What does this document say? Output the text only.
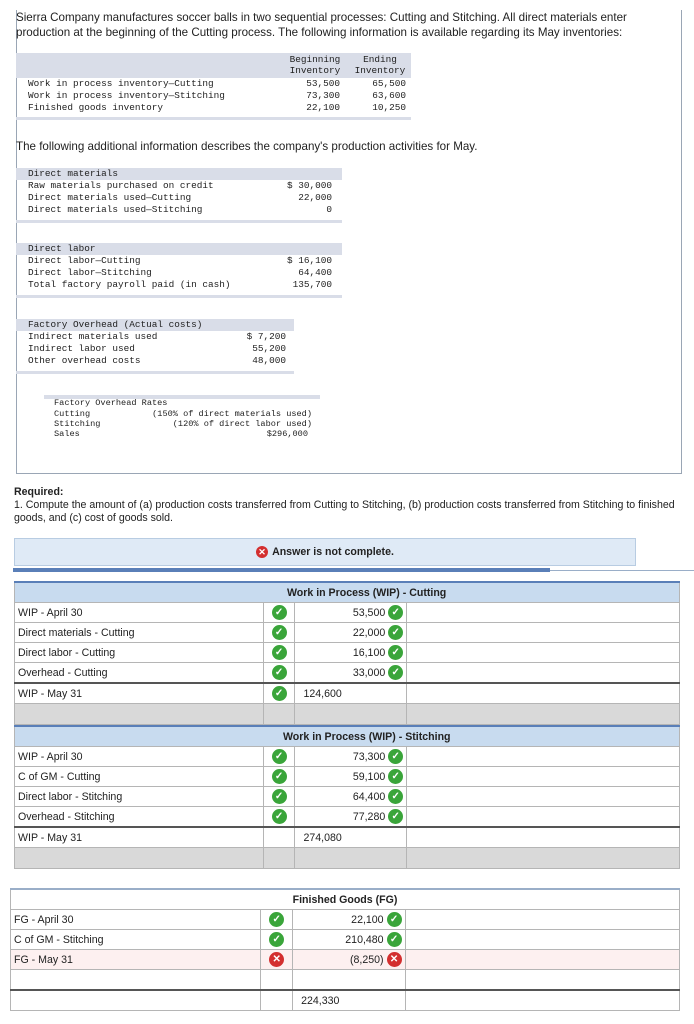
Sierra Company manufactures soccer balls in two sequential processes: Cutting and Stitching. All direct materials enter production at the beginning of the Cutting process. The following information is available regarding its May inventories:
Beginning
Inventory
Ending
Inventory
Work in process inventory—Cutting	53,500	65,500
Work in process inventory—Stitching	73,300	63,600
Finished goods inventory	22,100	10,250
The following additional information describes the company's production activities for May.
Direct materials
Raw materials purchased on credit	$ 30,000
Direct materials used—Cutting	22,000
Direct materials used—Stitching	0
Direct labor
Direct labor—Cutting	$ 16,100
Direct labor—Stitching	64,400
Total factory payroll paid (in cash)	135,700
Factory Overhead (Actual costs)
Indirect materials used	$ 7,200
Indirect labor used	55,200
Other overhead costs	48,000
Factory Overhead Rates
Cutting	(150% of direct materials used)
Stitching	(120% of direct labor used)
Sales	$296,000
Required:
1. Compute the amount of (a) production costs transferred from Cutting to Stitching, (b) production costs transferred from Stitching to finished goods, and (c) cost of goods sold.
✕ Answer is not complete.
		Work in Process (WIP) - Cutting	
WIP - April 30	✓	53,500 ✓	
Direct materials - Cutting	✓	22,000 ✓	
Direct labor - Cutting	✓	16,100 ✓	
Overhead - Cutting	✓	33,000 ✓	
WIP - May 31	✓	124,600	

		Work in Process (WIP) - Stitching	
WIP - April 30	✓	73,300 ✓	
C of GM - Cutting	✓	59,100 ✓	
Direct labor - Stitching	✓	64,400 ✓	
Overhead - Stitching	✓	77,280 ✓	
WIP - May 31		274,080	

		Finished Goods (FG)	
FG - April 30	✓	22,100 ✓	
C of GM - Stitching	✓	210,480 ✓	
FG - May 31	✕	(8,250) ✕	

		224,330	
